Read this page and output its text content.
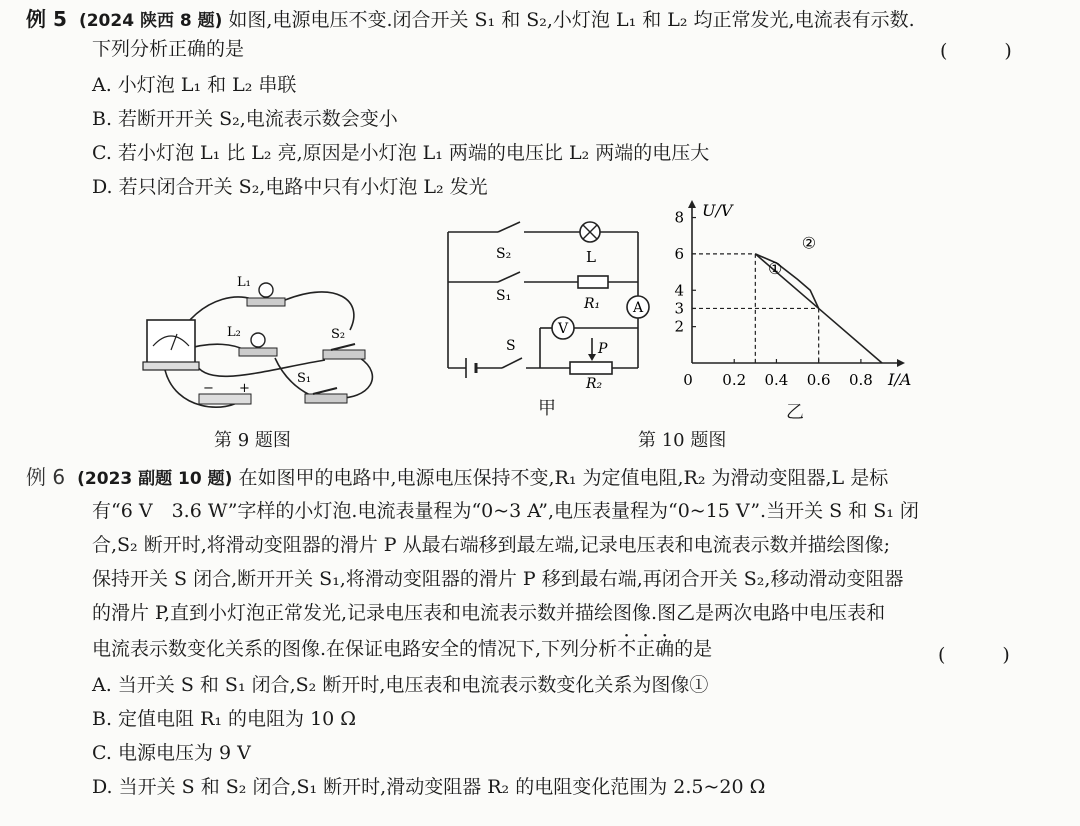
例 5 (2024 陕西 8 题) 如图,电源电压不变.闭合开关 S₁ 和 S₂,小灯泡 L₁ 和 L₂ 均正常发光,电流表有示数.
下列分析正确的是	(　　　)
A. 小灯泡 L₁ 和 L₂ 串联
B. 若断开开关 S₂,电流表示数会变小
C. 若小灯泡 L₁ 比 L₂ 亮,原因是小灯泡 L₁ 两端的电压比 L₂ 两端的电压大
D. 若只闭合开关 S₂,电路中只有小灯泡 L₂ 发光
L₁
L₂	S₂
S₁
− +
第 9 题图
A
V
S₂
S₁
S
L
R₁
R₂
P
甲
U/V
I/A
0 0.2 0.4 0.6 0.8
2
3
4
6
8
①
②
乙
第 10 题图
例 6 (2023 副题 10 题) 在如图甲的电路中,电源电压保持不变,R₁ 为定值电阻,R₂ 为滑动变阻器,L 是标
有“6 V　3.6 W”字样的小灯泡.电流表量程为“0~3 A”,电压表量程为“0~15 V”.当开关 S 和 S₁ 闭
合,S₂ 断开时,将滑动变阻器的滑片 P 从最右端移到最左端,记录电压表和电流表示数并描绘图像;
保持开关 S 闭合,断开开关 S₁,将滑动变阻器的滑片 P 移到最右端,再闭合开关 S₂,移动滑动变阻器
的滑片 P,直到小灯泡正常发光,记录电压表和电流表示数并描绘图像.图乙是两次电路中电压表和
电流表示数变化关系的图像.在保证电路安全的情况下,下列分析不正确的是	(　　　)
A. 当开关 S 和 S₁ 闭合,S₂ 断开时,电压表和电流表示数变化关系为图像①
B. 定值电阻 R₁ 的电阻为 10 Ω
C. 电源电压为 9 V
D. 当开关 S 和 S₂ 闭合,S₁ 断开时,滑动变阻器 R₂ 的电阻变化范围为 2.5~20 Ω
